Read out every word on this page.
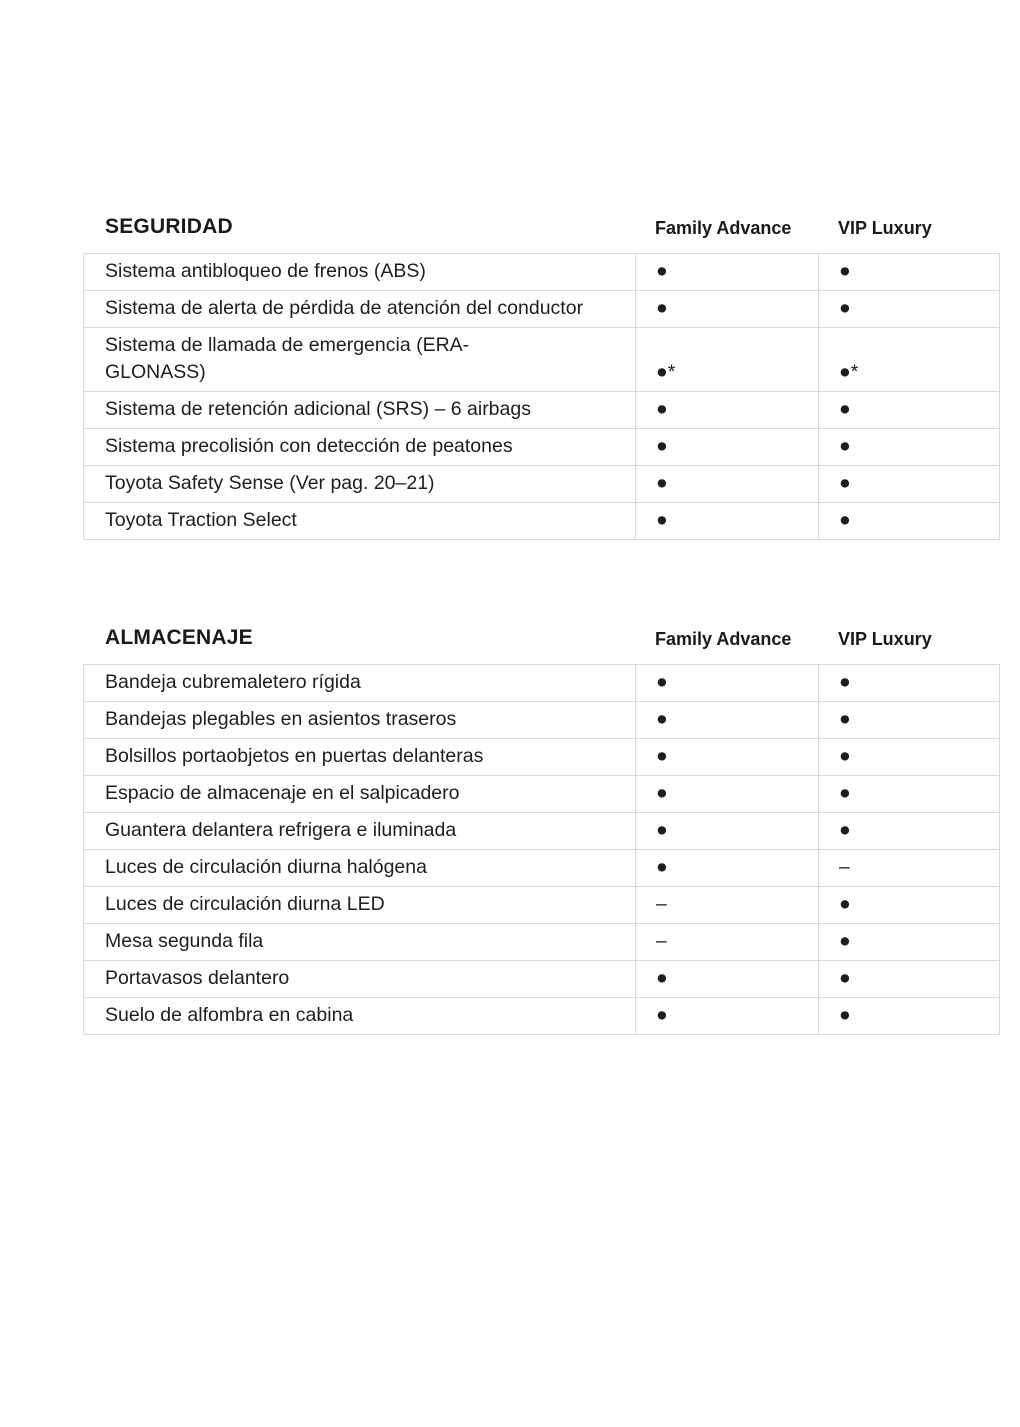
SEGURIDAD	Family Advance	VIP Luxury
Sistema antibloqueo de frenos (ABS)	●	●
Sistema de alerta de pérdida de atención del conductor	●	●
Sistema de llamada de emergencia (ERA-GLONASS)	●*	●*
Sistema de retención adicional (SRS) – 6 airbags	●	●
Sistema precolisión con detección de peatones	●	●
Toyota Safety Sense (Ver pag. 20–21)	●	●
Toyota Traction Select	●	●
ALMACENAJE	Family Advance	VIP Luxury
Bandeja cubremaletero rígida	●	●
Bandejas plegables en asientos traseros	●	●
Bolsillos portaobjetos en puertas delanteras	●	●
Espacio de almacenaje en el salpicadero	●	●
Guantera delantera refrigera e iluminada	●	●
Luces de circulación diurna halógena	●	–
Luces de circulación diurna LED	–	●
Mesa segunda fila	–	●
Portavasos delantero	●	●
Suelo de alfombra en cabina	●	●
